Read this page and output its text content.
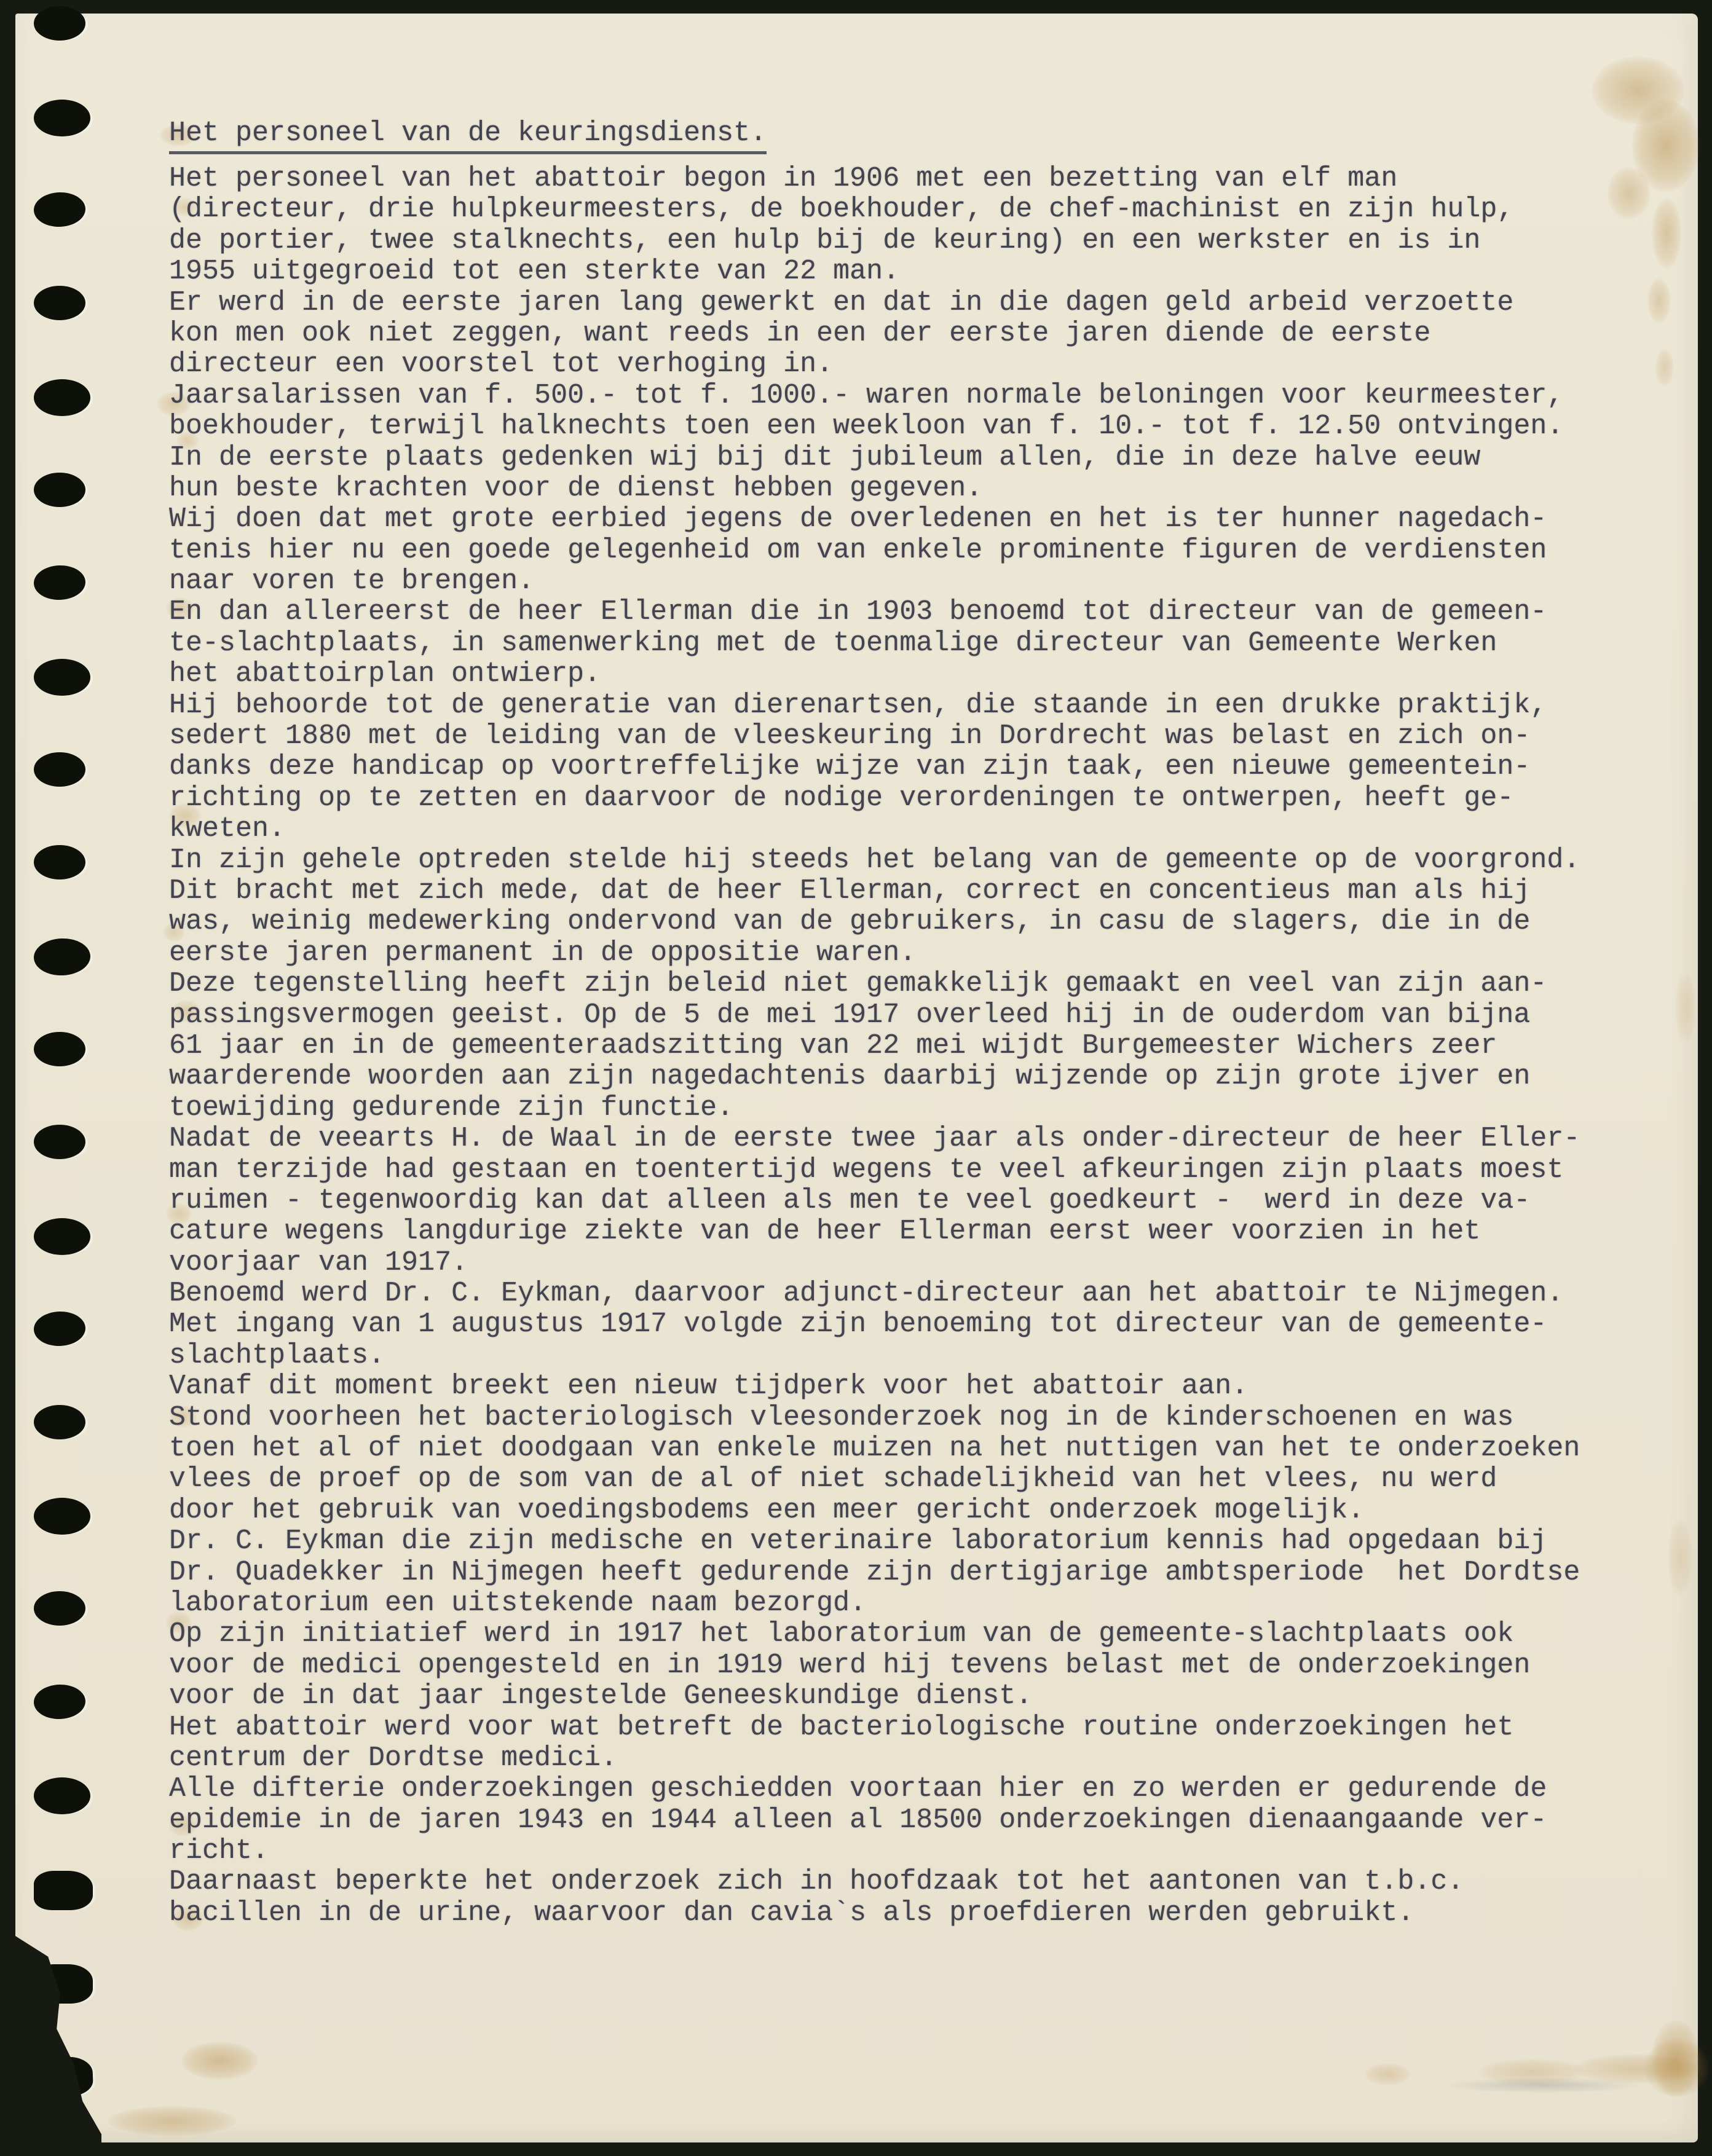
Het personeel van de keuringsdienst.
Het personeel van het abattoir begon in 1906 met een bezetting van elf man
(directeur, drie hulpkeurmeesters, de boekhouder, de chef-machinist en zijn hulp,
de portier, twee stalknechts, een hulp bij de keuring) en een werkster en is in
1955 uitgegroeid tot een sterkte van 22 man.
Er werd in de eerste jaren lang gewerkt en dat in die dagen geld arbeid verzoette
kon men ook niet zeggen, want reeds in een der eerste jaren diende de eerste
directeur een voorstel tot verhoging in.
Jaarsalarissen van f. 500.- tot f. 1000.- waren normale beloningen voor keurmeester,
boekhouder, terwijl halknechts toen een weekloon van f. 10.- tot f. 12.50 ontvingen.
In de eerste plaats gedenken wij bij dit jubileum allen, die in deze halve eeuw
hun beste krachten voor de dienst hebben gegeven.
Wij doen dat met grote eerbied jegens de overledenen en het is ter hunner nagedach-
tenis hier nu een goede gelegenheid om van enkele prominente figuren de verdiensten
naar voren te brengen.
En dan allereerst de heer Ellerman die in 1903 benoemd tot directeur van de gemeen-
te-slachtplaats, in samenwerking met de toenmalige directeur van Gemeente Werken
het abattoirplan ontwierp.
Hij behoorde tot de generatie van dierenartsen, die staande in een drukke praktijk,
sedert 1880 met de leiding van de vleeskeuring in Dordrecht was belast en zich on-
danks deze handicap op voortreffelijke wijze van zijn taak, een nieuwe gemeentein-
richting op te zetten en daarvoor de nodige verordeningen te ontwerpen, heeft ge-
kweten.
In zijn gehele optreden stelde hij steeds het belang van de gemeente op de voorgrond.
Dit bracht met zich mede, dat de heer Ellerman, correct en concentieus man als hij
was, weinig medewerking ondervond van de gebruikers, in casu de slagers, die in de
eerste jaren permanent in de oppositie waren.
Deze tegenstelling heeft zijn beleid niet gemakkelijk gemaakt en veel van zijn aan-
passingsvermogen geeist. Op de 5 de mei 1917 overleed hij in de ouderdom van bijna
61 jaar en in de gemeenteraadszitting van 22 mei wijdt Burgemeester Wichers zeer
waarderende woorden aan zijn nagedachtenis daarbij wijzende op zijn grote ijver en
toewijding gedurende zijn functie.
Nadat de veearts H. de Waal in de eerste twee jaar als onder-directeur de heer Eller-
man terzijde had gestaan en toentertijd wegens te veel afkeuringen zijn plaats moest
ruimen - tegenwoordig kan dat alleen als men te veel goedkeurt -  werd in deze va-
cature wegens langdurige ziekte van de heer Ellerman eerst weer voorzien in het
voorjaar van 1917.
Benoemd werd Dr. C. Eykman, daarvoor adjunct-directeur aan het abattoir te Nijmegen.
Met ingang van 1 augustus 1917 volgde zijn benoeming tot directeur van de gemeente-
slachtplaats.
Vanaf dit moment breekt een nieuw tijdperk voor het abattoir aan.
Stond voorheen het bacteriologisch vleesonderzoek nog in de kinderschoenen en was
toen het al of niet doodgaan van enkele muizen na het nuttigen van het te onderzoeken
vlees de proef op de som van de al of niet schadelijkheid van het vlees, nu werd
door het gebruik van voedingsbodems een meer gericht onderzoek mogelijk.
Dr. C. Eykman die zijn medische en veterinaire laboratorium kennis had opgedaan bij
Dr. Quadekker in Nijmegen heeft gedurende zijn dertigjarige ambtsperiode  het Dordtse
laboratorium een uitstekende naam bezorgd.
Op zijn initiatief werd in 1917 het laboratorium van de gemeente-slachtplaats ook
voor de medici opengesteld en in 1919 werd hij tevens belast met de onderzoekingen
voor de in dat jaar ingestelde Geneeskundige dienst.
Het abattoir werd voor wat betreft de bacteriologische routine onderzoekingen het
centrum der Dordtse medici.
Alle difterie onderzoekingen geschiedden voortaan hier en zo werden er gedurende de
epidemie in de jaren 1943 en 1944 alleen al 18500 onderzoekingen dienaangaande ver-
richt.
Daarnaast beperkte het onderzoek zich in hoofdzaak tot het aantonen van t.b.c.
bacillen in de urine, waarvoor dan cavia`s als proefdieren werden gebruikt.
